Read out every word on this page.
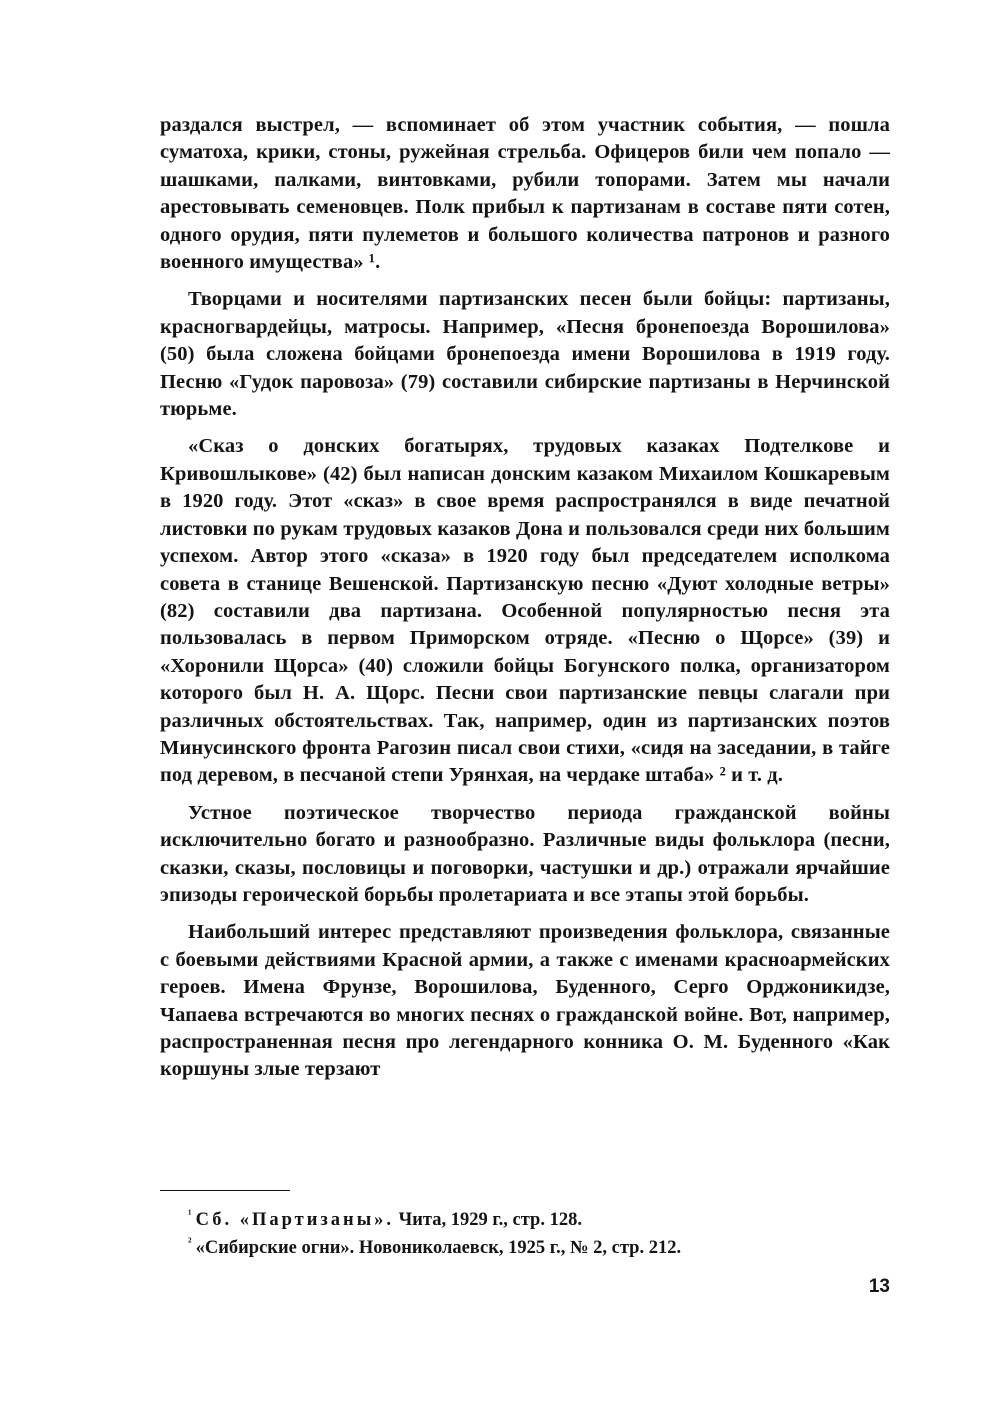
раздался выстрел, — вспоминает об этом участник события, — пошла суматоха, крики, стоны, ружейная стрельба. Офицеров били чем попало — шашками, палками, винтовками, рубили топорами. Затем мы начали арестовывать семеновцев. Полк прибыл к партизанам в составе пяти сотен, одного орудия, пяти пулеметов и большого количества патронов и разного военного имущества» ¹.

Творцами и носителями партизанских песен были бойцы: партизаны, красногвардейцы, матросы. Например, «Песня бронепоезда Ворошилова» (50) была сложена бойцами бронепоезда имени Ворошилова в 1919 году. Песню «Гудок паровоза» (79) составили сибирские партизаны в Нерчинской тюрьме.

«Сказ о донских богатырях, трудовых казаках Подтелкове и Кривошлыкове» (42) был написан донским казаком Михаилом Кошкаревым в 1920 году. Этот «сказ» в свое время распространялся в виде печатной листовки по рукам трудовых казаков Дона и пользовался среди них большим успехом. Автор этого «сказа» в 1920 году был председателем исполкома совета в станице Вешенской. Партизанскую песню «Дуют холодные ветры» (82) составили два партизана. Особенной популярностью песня эта пользовалась в первом Приморском отряде. «Песню о Щорсе» (39) и «Хоронили Щорса» (40) сложили бойцы Богунского полка, организатором которого был Н. А. Щорс. Песни свои партизанские певцы слагали при различных обстоятельствах. Так, например, один из партизанских поэтов Минусинского фронта Рагозин писал свои стихи, «сидя на заседании, в тайге под деревом, в песчаной степи Урянхая, на чердаке штаба» ² и т. д.

Устное поэтическое творчество периода гражданской войны исключительно богато и разнообразно. Различные виды фольклора (песни, сказки, сказы, пословицы и поговорки, частушки и др.) отражали ярчайшие эпизоды героической борьбы пролетариата и все этапы этой борьбы.

Наибольший интерес представляют произведения фольклора, связанные с боевыми действиями Красной армии, а также с именами красноармейских героев. Имена Фрунзе, Ворошилова, Буденного, Серго Орджоникидзе, Чапаева встречаются во многих песнях о гражданской войне. Вот, например, распространенная песня про легендарного конника О. М. Буденного «Как коршуны злые терзают

$^{^1}$ Сб. «Партизаны». Чита, 1929 г., стр. 128.

$^{^2}$ «Сибирские огни». Новониколаевск, 1925 г., № 2, стр. 212.

13
